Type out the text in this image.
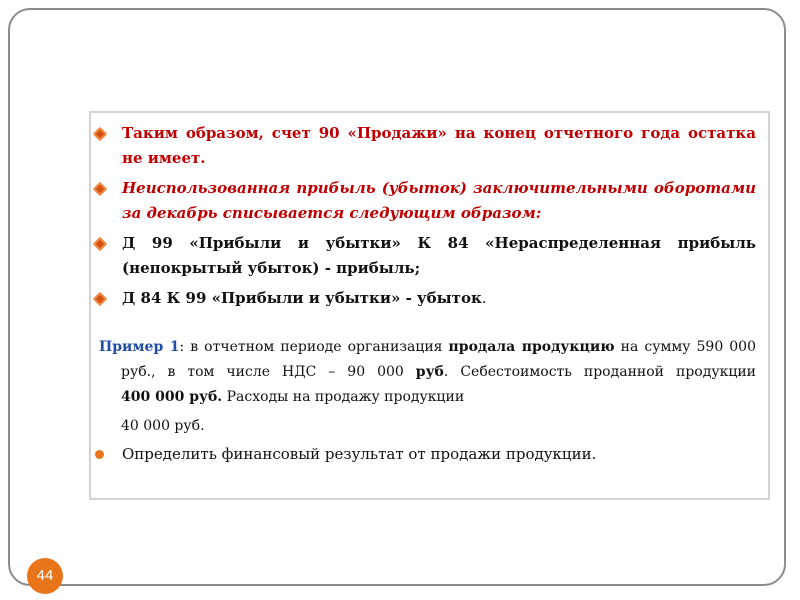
Таким образом, счет 90 «Продажи» на конец отчетного года остатка не имеет.
Неиспользованная прибыль (убыток) заключительными оборотами за декабрь списывается следующим образом:
Д 99 «Прибыли и убытки» К 84 «Нераспределенная прибыль (непокрытый убыток) - прибыль;
Д 84 К 99 «Прибыли и убытки» - убыток.
Пример 1: в отчетном периоде организация продала продукцию на сумму 590 000
руб., в том числе НДС – 90 000 руб. Себестоимость проданной продукции
400 000 руб. Расходы на продажу продукции
40 000 руб.
Определить финансовый результат от продажи продукции.
44
